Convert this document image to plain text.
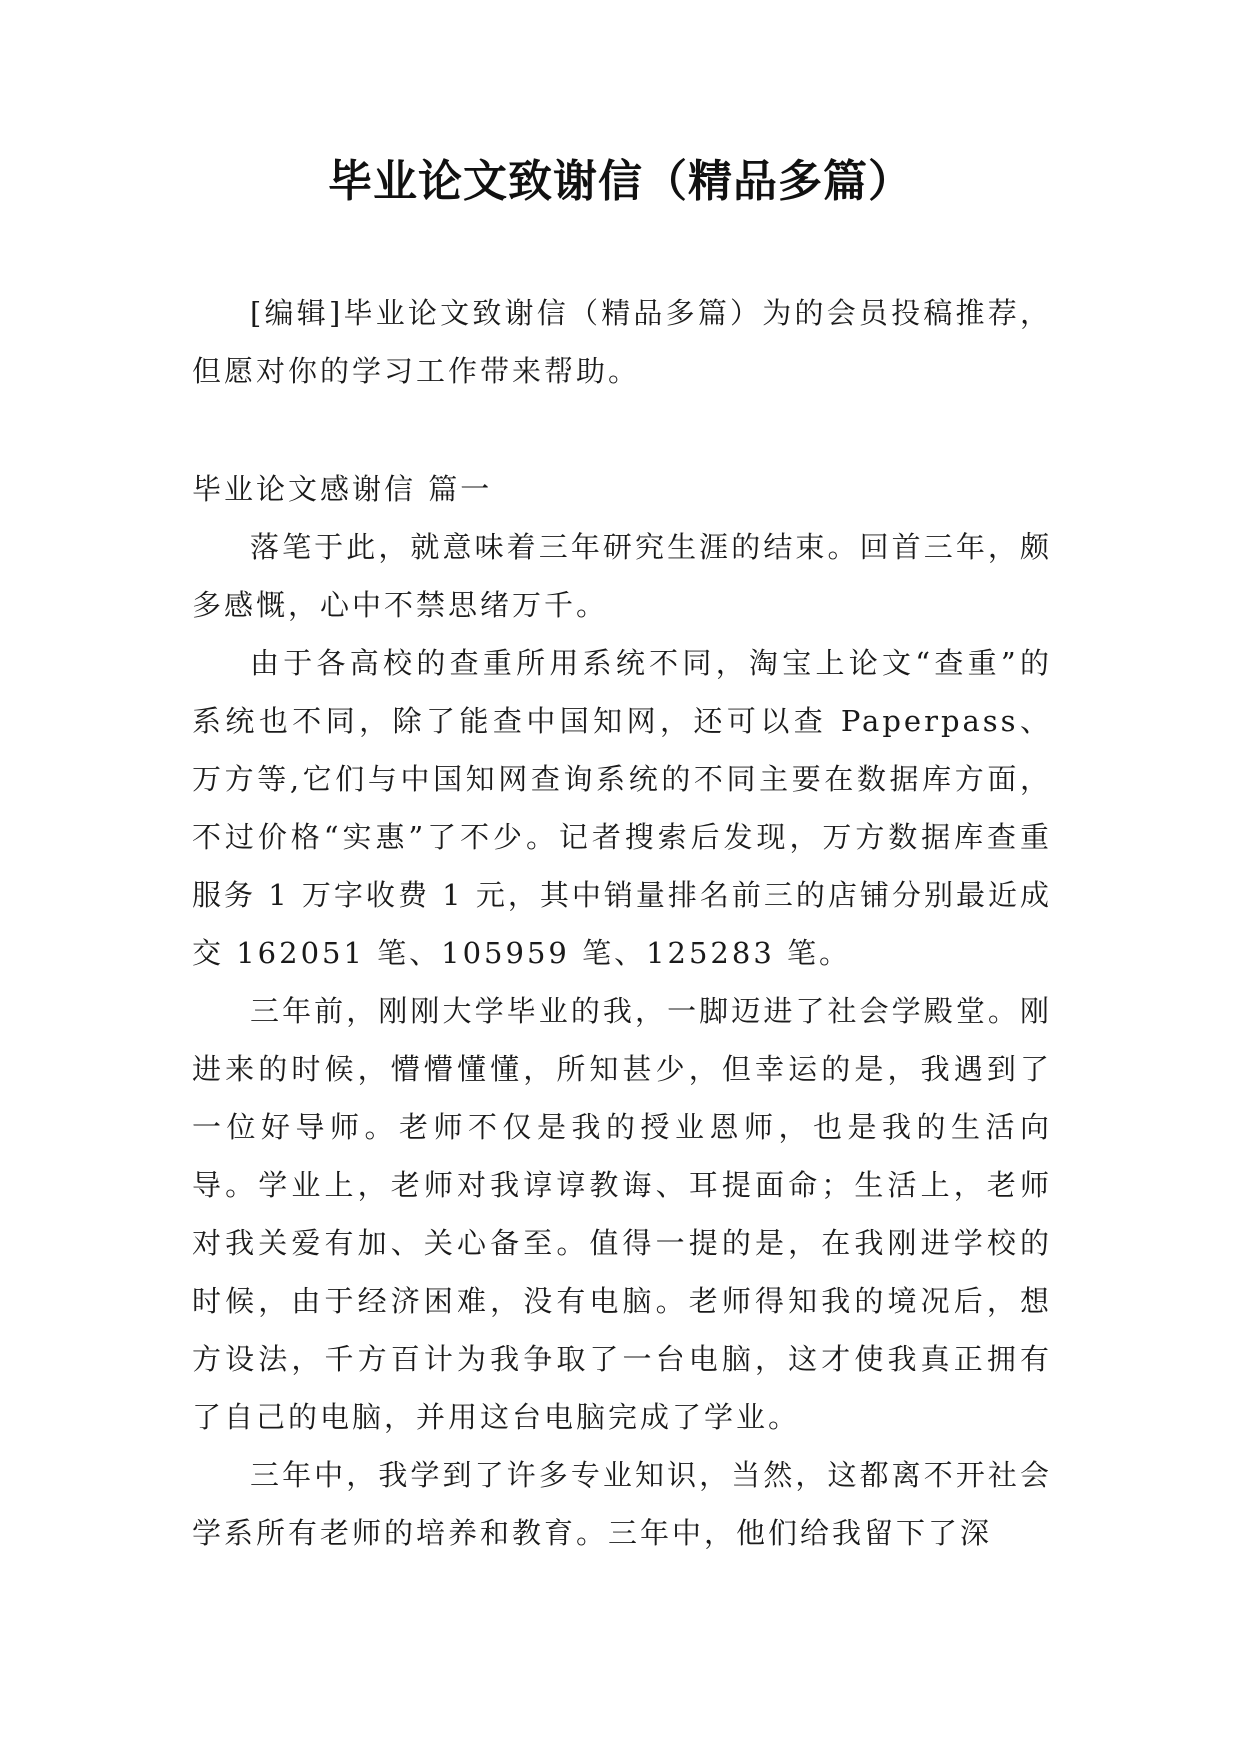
毕业论文致谢信（精品多篇）

[编辑]毕业论文致谢信（精品多篇）为的会员投稿推荐，但愿对你的学习工作带来帮助。

毕业论文感谢信 篇一

落笔于此，就意味着三年研究生涯的结束。回首三年，颇多感慨，心中不禁思绪万千。

由于各高校的查重所用系统不同，淘宝上论文“查重”的系统也不同，除了能查中国知网，还可以查 Paperpass、万方等,它们与中国知网查询系统的不同主要在数据库方面，不过价格“实惠”了不少。记者搜索后发现，万方数据库查重服务 1 万字收费 1 元，其中销量排名前三的店铺分别最近成交 162051 笔、105959 笔、125283 笔。

三年前，刚刚大学毕业的我，一脚迈进了社会学殿堂。刚进来的时候，懵懵懂懂，所知甚少，但幸运的是，我遇到了一位好导师。老师不仅是我的授业恩师，也是我的生活向导。学业上，老师对我谆谆教诲、耳提面命；生活上，老师对我关爱有加、关心备至。值得一提的是，在我刚进学校的时候，由于经济困难，没有电脑。老师得知我的境况后，想方设法，千方百计为我争取了一台电脑，这才使我真正拥有了自己的电脑，并用这台电脑完成了学业。

三年中，我学到了许多专业知识，当然，这都离不开社会学系所有老师的培养和教育。三年中，他们给我留下了深
